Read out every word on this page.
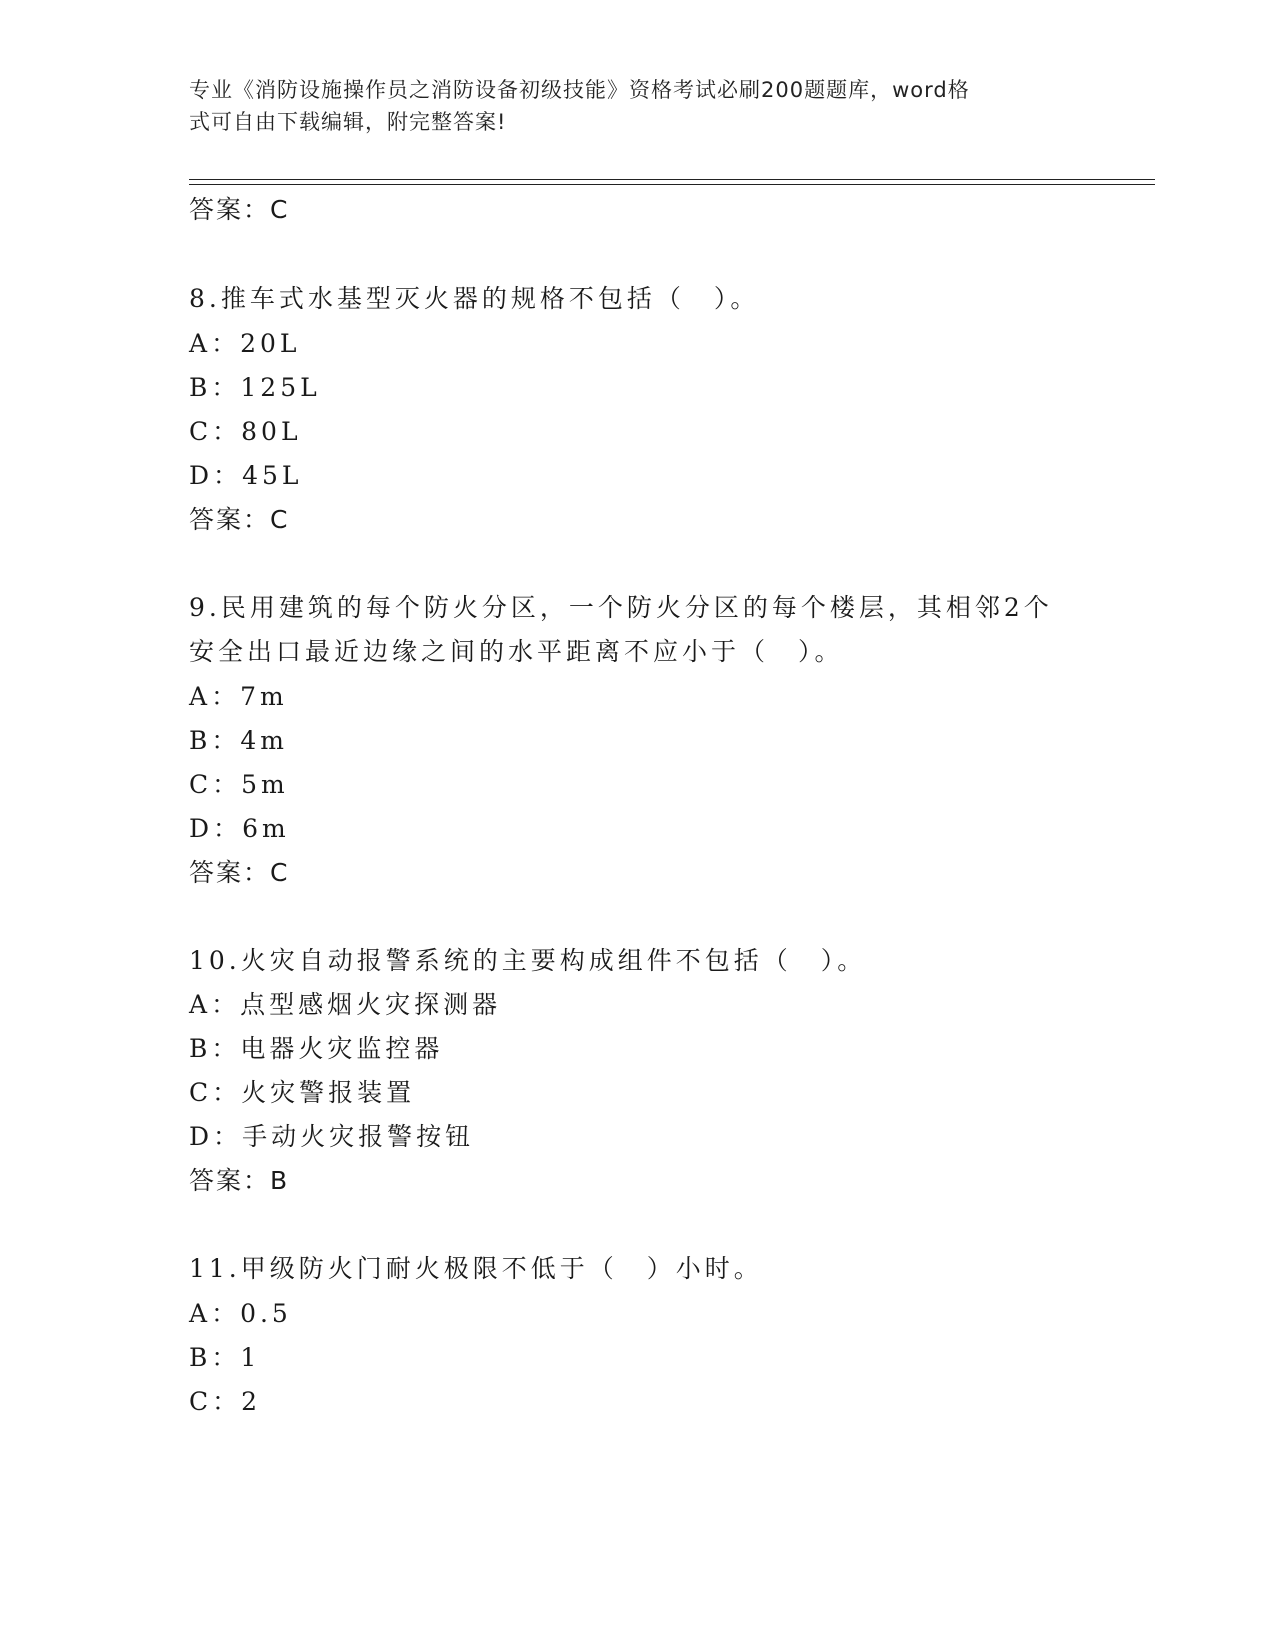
专业《消防设施操作员之消防设备初级技能》资格考试必刷200题题库，word格
式可自由下载编辑，附完整答案!
答案：C
8.推车式水基型灭火器的规格不包括（　）。
A：20L
B：125L
C：80L
D：45L
答案：C
9.民用建筑的每个防火分区，一个防火分区的每个楼层，其相邻2个
安全出口最近边缘之间的水平距离不应小于（　）。
A：7m
B：4m
C：5m
D：6m
答案：C
10.火灾自动报警系统的主要构成组件不包括（　）。
A：点型感烟火灾探测器
B：电器火灾监控器
C：火灾警报装置
D：手动火灾报警按钮
答案：B
11.甲级防火门耐火极限不低于（　）小时。
A：0.5
B：1
C：2
